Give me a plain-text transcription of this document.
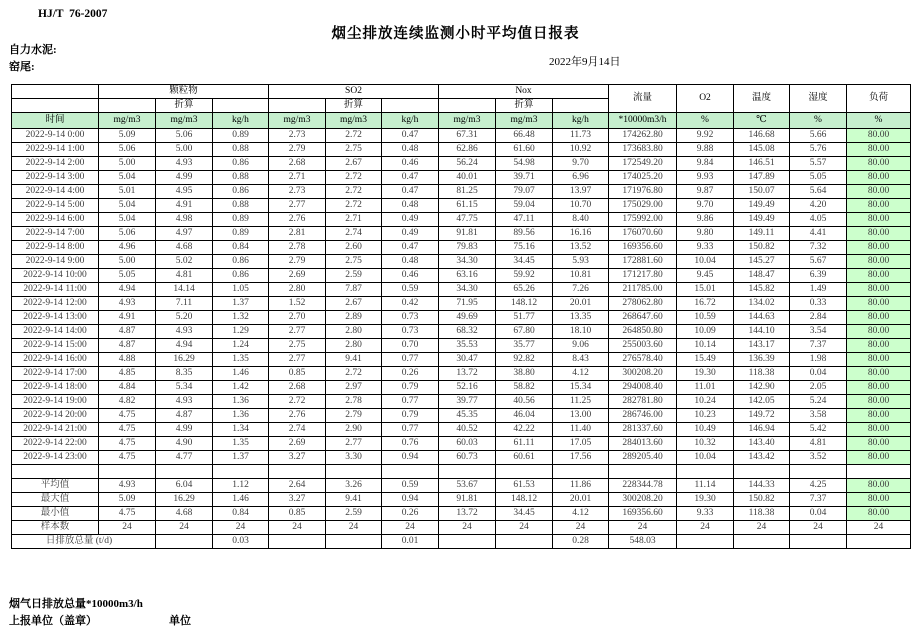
HJ/T  76-2007
烟尘排放连续监测小时平均值日报表
自力水泥:
窑尾:	2022年9月14日
	颗粒物			SO2			Nox			流量	O2	温度	湿度	负荷
		折算			折算			折算						
时间	mg/m3	mg/m3	kg/h	mg/m3	mg/m3	kg/h	mg/m3	mg/m3	kg/h	*10000m3/h	%	℃	%	%
2022-9-14 0:00	5.09	5.06	0.89	2.73	2.72	0.47	67.31	66.48	11.73	174262.80	9.92	146.68	5.66	80.00
2022-9-14 1:00	5.06	5.00	0.88	2.79	2.75	0.48	62.86	61.60	10.92	173683.80	9.88	145.08	5.76	80.00
2022-9-14 2:00	5.00	4.93	0.86	2.68	2.67	0.46	56.24	54.98	9.70	172549.20	9.84	146.51	5.57	80.00
2022-9-14 3:00	5.04	4.99	0.88	2.71	2.72	0.47	40.01	39.71	6.96	174025.20	9.93	147.89	5.05	80.00
2022-9-14 4:00	5.01	4.95	0.86	2.73	2.72	0.47	81.25	79.07	13.97	171976.80	9.87	150.07	5.64	80.00
2022-9-14 5:00	5.04	4.91	0.88	2.77	2.72	0.48	61.15	59.04	10.70	175029.00	9.70	149.49	4.20	80.00
2022-9-14 6:00	5.04	4.98	0.89	2.76	2.71	0.49	47.75	47.11	8.40	175992.00	9.86	149.49	4.05	80.00
2022-9-14 7:00	5.06	4.97	0.89	2.81	2.74	0.49	91.81	89.56	16.16	176070.60	9.80	149.11	4.41	80.00
2022-9-14 8:00	4.96	4.68	0.84	2.78	2.60	0.47	79.83	75.16	13.52	169356.60	9.33	150.82	7.32	80.00
2022-9-14 9:00	5.00	5.02	0.86	2.79	2.75	0.48	34.30	34.45	5.93	172881.60	10.04	145.27	5.67	80.00
2022-9-14 10:00	5.05	4.81	0.86	2.69	2.59	0.46	63.16	59.92	10.81	171217.80	9.45	148.47	6.39	80.00
2022-9-14 11:00	4.94	14.14	1.05	2.80	7.87	0.59	34.30	65.26	7.26	211785.00	15.01	145.82	1.49	80.00
2022-9-14 12:00	4.93	7.11	1.37	1.52	2.67	0.42	71.95	148.12	20.01	278062.80	16.72	134.02	0.33	80.00
2022-9-14 13:00	4.91	5.20	1.32	2.70	2.89	0.73	49.69	51.77	13.35	268647.60	10.59	144.63	2.84	80.00
2022-9-14 14:00	4.87	4.93	1.29	2.77	2.80	0.73	68.32	67.80	18.10	264850.80	10.09	144.10	3.54	80.00
2022-9-14 15:00	4.87	4.94	1.24	2.75	2.80	0.70	35.53	35.77	9.06	255003.60	10.14	143.17	7.37	80.00
2022-9-14 16:00	4.88	16.29	1.35	2.77	9.41	0.77	30.47	92.82	8.43	276578.40	15.49	136.39	1.98	80.00
2022-9-14 17:00	4.85	8.35	1.46	0.85	2.72	0.26	13.72	38.80	4.12	300208.20	19.30	118.38	0.04	80.00
2022-9-14 18:00	4.84	5.34	1.42	2.68	2.97	0.79	52.16	58.82	15.34	294008.40	11.01	142.90	2.05	80.00
2022-9-14 19:00	4.82	4.93	1.36	2.72	2.78	0.77	39.77	40.56	11.25	282781.80	10.24	142.05	5.24	80.00
2022-9-14 20:00	4.75	4.87	1.36	2.76	2.79	0.79	45.35	46.04	13.00	286746.00	10.23	149.72	3.58	80.00
2022-9-14 21:00	4.75	4.99	1.34	2.74	2.90	0.77	40.52	42.22	11.40	281337.60	10.49	146.94	5.42	80.00
2022-9-14 22:00	4.75	4.90	1.35	2.69	2.77	0.76	60.03	61.11	17.05	284013.60	10.32	143.40	4.81	80.00
2022-9-14 23:00	4.75	4.77	1.37	3.27	3.30	0.94	60.73	60.61	17.56	289205.40	10.04	143.42	3.52	80.00

平均值	4.93	6.04	1.12	2.64	3.26	0.59	53.67	61.53	11.86	228344.78	11.14	144.33	4.25	80.00
最大值	5.09	16.29	1.46	3.27	9.41	0.94	91.81	148.12	20.01	300208.20	19.30	150.82	7.37	80.00
最小值	4.75	4.68	0.84	0.85	2.59	0.26	13.72	34.45	4.12	169356.60	9.33	118.38	0.04	80.00
样本数	24	24	24	24	24	24	24	24	24	24	24	24	24	24
日排放总量 (t/d)			0.03			0.01			0.28	548.03				
烟气日排放总量*10000m3/h
上报单位（盖章）	单位
